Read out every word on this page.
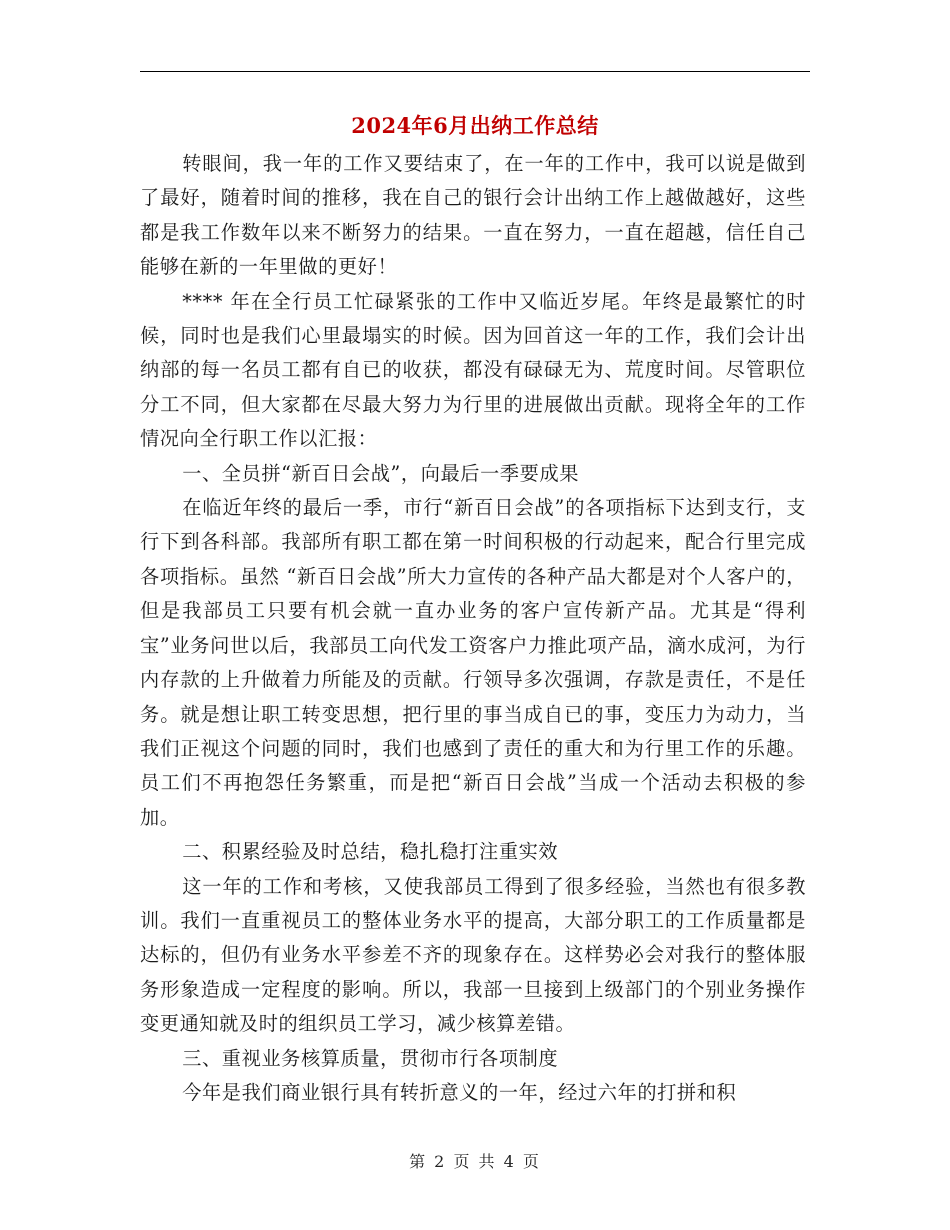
2024年6月出纳工作总结

转眼间，我一年的工作又要结束了，在一年的工作中，我可以说是做到了最好，随着时间的推移，我在自己的银行会计出纳工作上越做越好，这些都是我工作数年以来不断努力的结果。一直在努力，一直在超越，信任自己能够在新的一年里做的更好！

**** 年在全行员工忙碌紧张的工作中又临近岁尾。年终是最繁忙的时候，同时也是我们心里最塌实的时候。因为回首这一年的工作，我们会计出纳部的每一名员工都有自已的收获，都没有碌碌无为、荒度时间。尽管职位分工不同，但大家都在尽最大努力为行里的进展做出贡献。现将全年的工作情况向全行职工作以汇报：

一、全员拼“新百日会战”，向最后一季要成果

在临近年终的最后一季，市行“新百日会战”的各项指标下达到支行，支行下到各科部。我部所有职工都在第一时间积极的行动起来，配合行里完成各项指标。虽然 “新百日会战”所大力宣传的各种产品大都是对个人客户的，但是我部员工只要有机会就一直办业务的客户宣传新产品。尤其是“得利宝”业务问世以后，我部员工向代发工资客户力推此项产品，滴水成河，为行内存款的上升做着力所能及的贡献。行领导多次强调，存款是责任，不是任务。就是想让职工转变思想，把行里的事当成自已的事，变压力为动力，当我们正视这个问题的同时，我们也感到了责任的重大和为行里工作的乐趣。员工们不再抱怨任务繁重，而是把“新百日会战”当成一个活动去积极的参加。

二、积累经验及时总结，稳扎稳打注重实效

这一年的工作和考核，又使我部员工得到了很多经验，当然也有很多教训。我们一直重视员工的整体业务水平的提高，大部分职工的工作质量都是达标的，但仍有业务水平参差不齐的现象存在。这样势必会对我行的整体服务形象造成一定程度的影响。所以，我部一旦接到上级部门的个别业务操作变更通知就及时的组织员工学习，减少核算差错。

三、重视业务核算质量，贯彻市行各项制度

今年是我们商业银行具有转折意义的一年，经过六年的打拼和积

第 2 页 共 4 页
